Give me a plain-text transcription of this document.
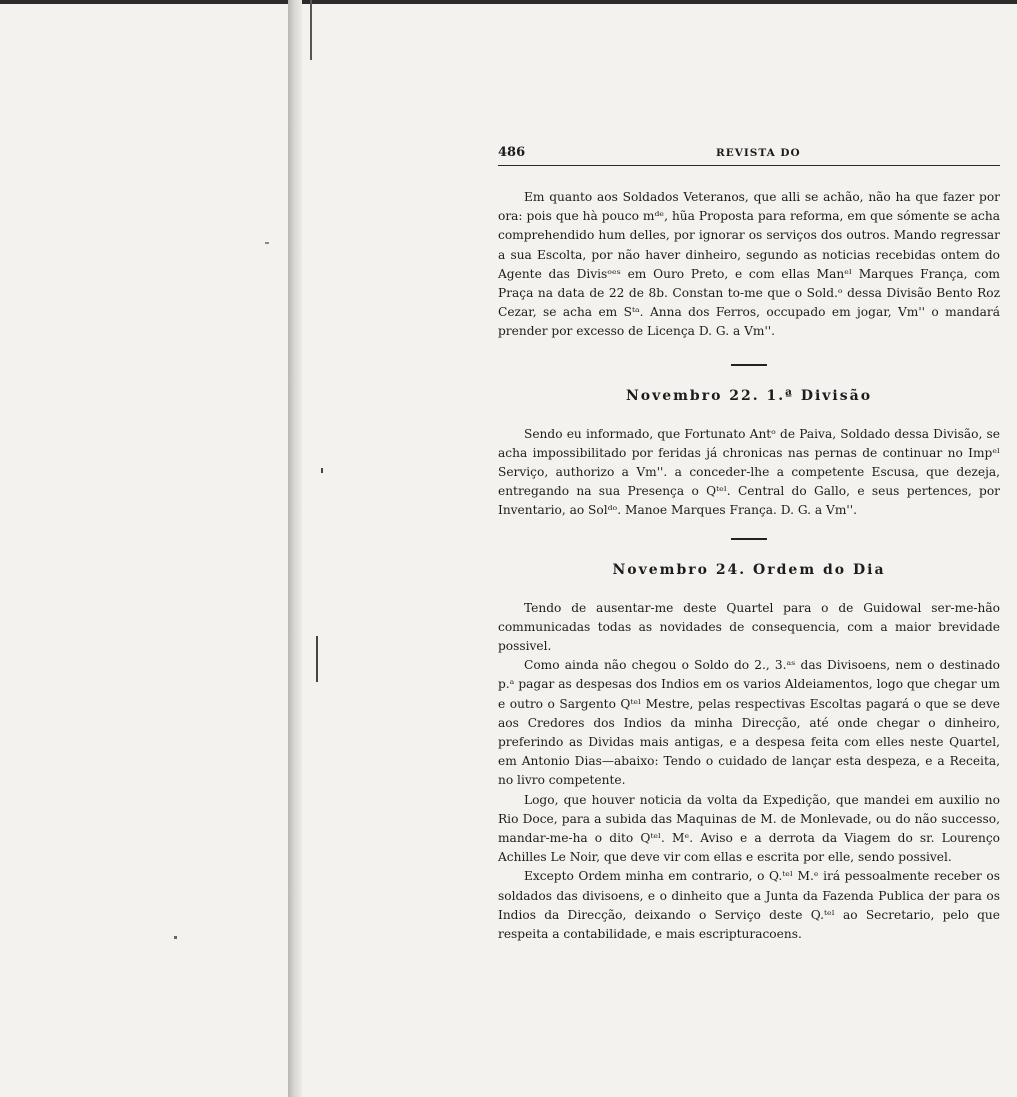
486	REVISTA DO

Em quanto aos Soldados Veteranos, que alli se achão, não ha que fazer por ora: pois que hà pouco mᵈᵉ, hũa Proposta para reforma, em que sómente se acha comprehendido hum delles, por ignorar os serviços dos outros. Mando regressar a sua Escolta, por não haver dinheiro, segundo as noticias recebidas ontem do Agente das Divisᵒᵉˢ em Ouro Preto, e com ellas Manᵉˡ Marques França, com Praça na data de 22 de 8b. Constan to-me que o Sold.ᵒ dessa Divisão Bento Roz Cezar, se acha em Sᵗᵃ. Anna dos Ferros, occupado em jogar, Vm'' o mandará prender por excesso de Licença D. G. a Vm''.

Novembro 22. 1.ª Divisão

Sendo eu informado, que Fortunato Antᵒ de Paiva, Soldado dessa Divisão, se acha impossibilitado por feridas já chronicas nas pernas de continuar no Impᵉˡ Serviço, authorizo a Vm''. a conceder-lhe a competente Escusa, que dezeja, entregando na sua Presença o Qᵗᵉˡ. Central do Gallo, e seus pertences, por Inventario, ao Solᵈᵒ. Manoe Marques França. D. G. a Vm''.

Novembro 24. Ordem do Dia

Tendo de ausentar-me deste Quartel para o de Guidowal ser-me-hão communicadas todas as novidades de consequencia, com a maior brevidade possivel.

Como ainda não chegou o Soldo do 2., 3.ᵃˢ das Divisoens, nem o destinado p.ᵃ pagar as despesas dos Indios em os varios Aldeiamentos, logo que chegar um e outro o Sargento Qᵗᵉˡ Mestre, pelas respectivas Escoltas pagará o que se deve aos Credores dos Indios da minha Direcção, até onde chegar o dinheiro, preferindo as Dividas mais antigas, e a despesa feita com elles neste Quartel, em Antonio Dias—abaixo: Tendo o cuidado de lançar esta despeza, e a Receita, no livro competente.

Logo, que houver noticia da volta da Expedição, que mandei em auxilio no Rio Doce, para a subida das Maquinas de M. de Monlevade, ou do não successo, mandar-me-ha o dito Qᵗᵉˡ. Mᵉ. Aviso e a derrota da Viagem do sr. Lourenço Achilles Le Noir, que deve vir com ellas e escrita por elle, sendo possivel.

Excepto Ordem minha em contrario, o Q.ᵗᵉˡ M.ᵉ irá pessoalmente receber os soldados das divisoens, e o dinheito que a Junta da Fazenda Publica der para os Indios da Direcção, deixando o Serviço deste Q.ᵗᵉˡ ao Secretario, pelo que respeita a contabilidade, e mais escripturacoens.
